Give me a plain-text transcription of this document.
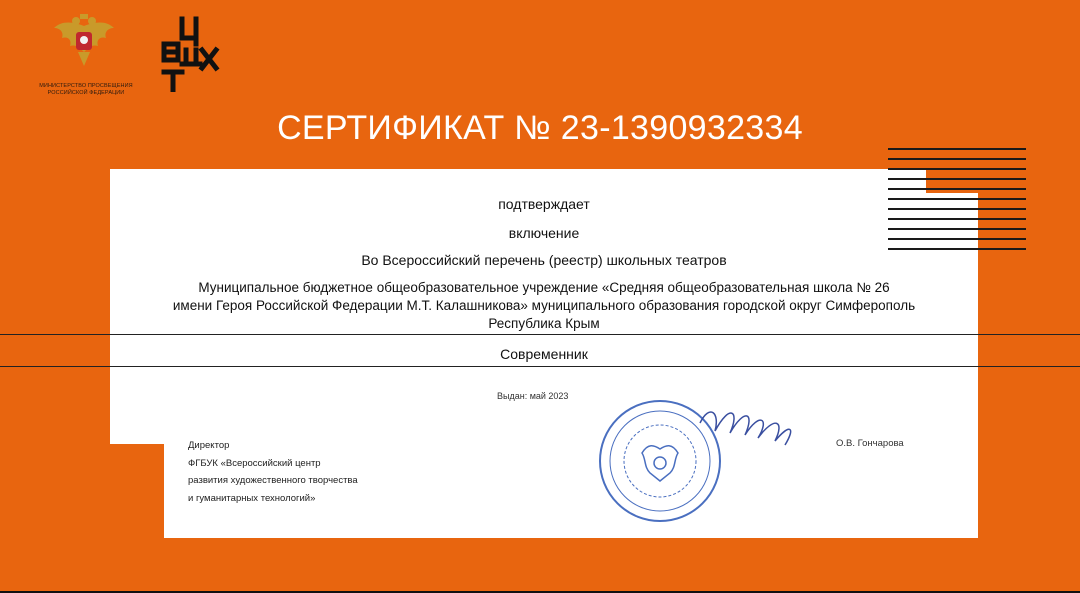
МИНИСТЕРСТВО ПРОСВЕЩЕНИЯ
РОССИЙСКОЙ ФЕДЕРАЦИИ
СЕРТИФИКАТ № 23-1390932334
подтверждает
включение
Во Всероссийский перечень (реестр) школьных театров
Муниципальное бюджетное общеобразовательное учреждение «Средняя общеобразовательная школа № 26
имени Героя Российской Федерации М.Т. Калашникова» муниципального образования городской округ Симферополь
Республика Крым
Современник
Выдан: май 2023
Директор
ФГБУК «Всероссийский центр
развития художественного творчества
и гуманитарных технологий»
О.В. Гончарова
